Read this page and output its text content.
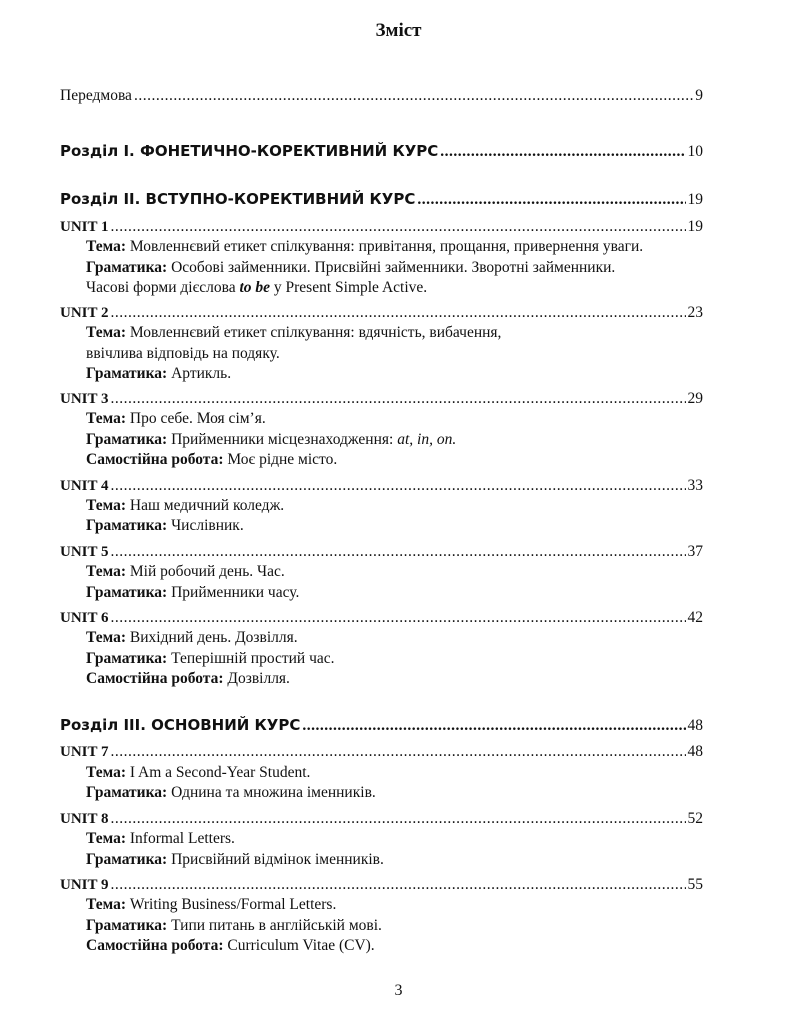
Зміст
Передмова .....	9
Розділ I. ФОНЕТИЧНО-КОРЕКТИВНИЙ КУРС .....	10
Розділ II. ВСТУПНО-КОРЕКТИВНИЙ КУРС .....	19
UNIT 1 .....	19
Тема: Мовленнєвий етикет спілкування: привітання, прощання, привернення уваги.
Граматика: Особові займенники. Присвійні займенники. Зворотні займенники.
Часові форми дієслова to be у Present Simple Active.
UNIT 2 .....	23
Тема: Мовленнєвий етикет спілкування: вдячність, вибачення,
ввічлива відповідь на подяку.
Граматика: Артикль.
UNIT 3 .....	29
Тема: Про себе. Моя сім’я.
Граматика: Прийменники місцезнаходження: at, in, on.
Самостійна робота: Моє рідне місто.
UNIT 4 .....	33
Тема: Наш медичний коледж.
Граматика: Числівник.
UNIT 5 .....	37
Тема: Мій робочий день. Час.
Граматика: Прийменники часу.
UNIT 6 .....	42
Тема: Вихідний день. Дозвілля.
Граматика: Теперішній простий час.
Самостійна робота: Дозвілля.
Розділ III. ОСНОВНИЙ КУРС .....	48
UNIT 7 .....	48
Тема: I Am a Second-Year Student.
Граматика: Однина та множина іменників.
UNIT 8 .....	52
Тема: Informal Letters.
Граматика: Присвійний відмінок іменників.
UNIT 9 .....	55
Тема: Writing Business/Formal Letters.
Граматика: Типи питань в англійській мові.
Самостійна робота: Curriculum Vitae (CV).
3
